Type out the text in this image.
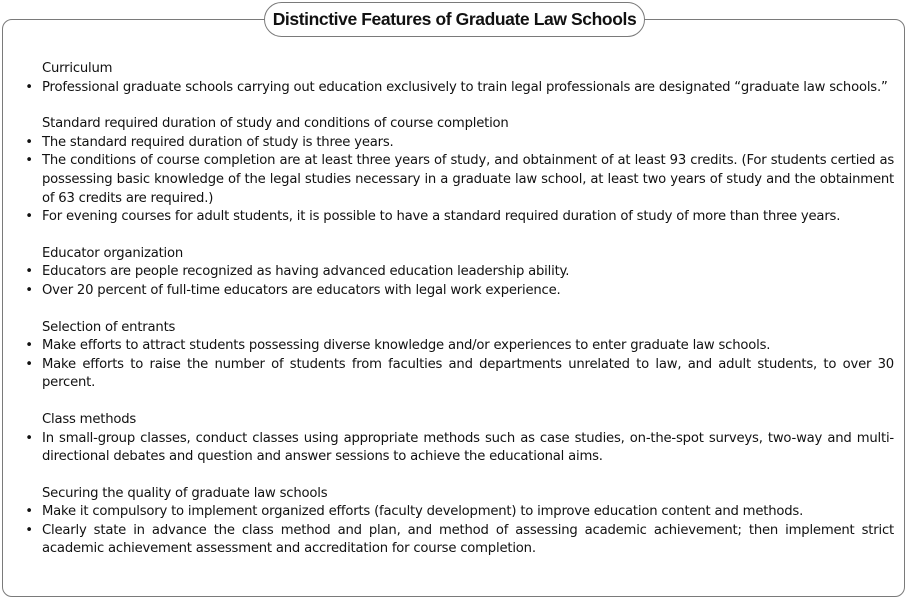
Distinctive Features of Graduate Law Schools
Curriculum
• Professional graduate schools carrying out education exclusively to train legal professionals are designated “graduate law schools.”
Standard required duration of study and conditions of course completion
• The standard required duration of study is three years.
• The conditions of course completion are at least three years of study, and obtainment of at least 93 credits. (For students certied as possessing basic knowledge of the legal studies necessary in a graduate law school, at least two years of study and the obtainment of 63 credits are required.)
• For evening courses for adult students, it is possible to have a standard required duration of study of more than three years.
Educator organization
• Educators are people recognized as having advanced education leadership ability.
• Over 20 percent of full-time educators are educators with legal work experience.
Selection of entrants
• Make efforts to attract students possessing diverse knowledge and/or experiences to enter graduate law schools.
• Make efforts to raise the number of students from faculties and departments unrelated to law, and adult students, to over 30 percent.
Class methods
• In small-group classes, conduct classes using appropriate methods such as case studies, on-the-spot surveys, two-way and multi-directional debates and question and answer sessions to achieve the educational aims.
Securing the quality of graduate law schools
• Make it compulsory to implement organized efforts (faculty development) to improve education content and methods.
• Clearly state in advance the class method and plan, and method of assessing academic achievement; then implement strict academic achievement assessment and accreditation for course completion.
